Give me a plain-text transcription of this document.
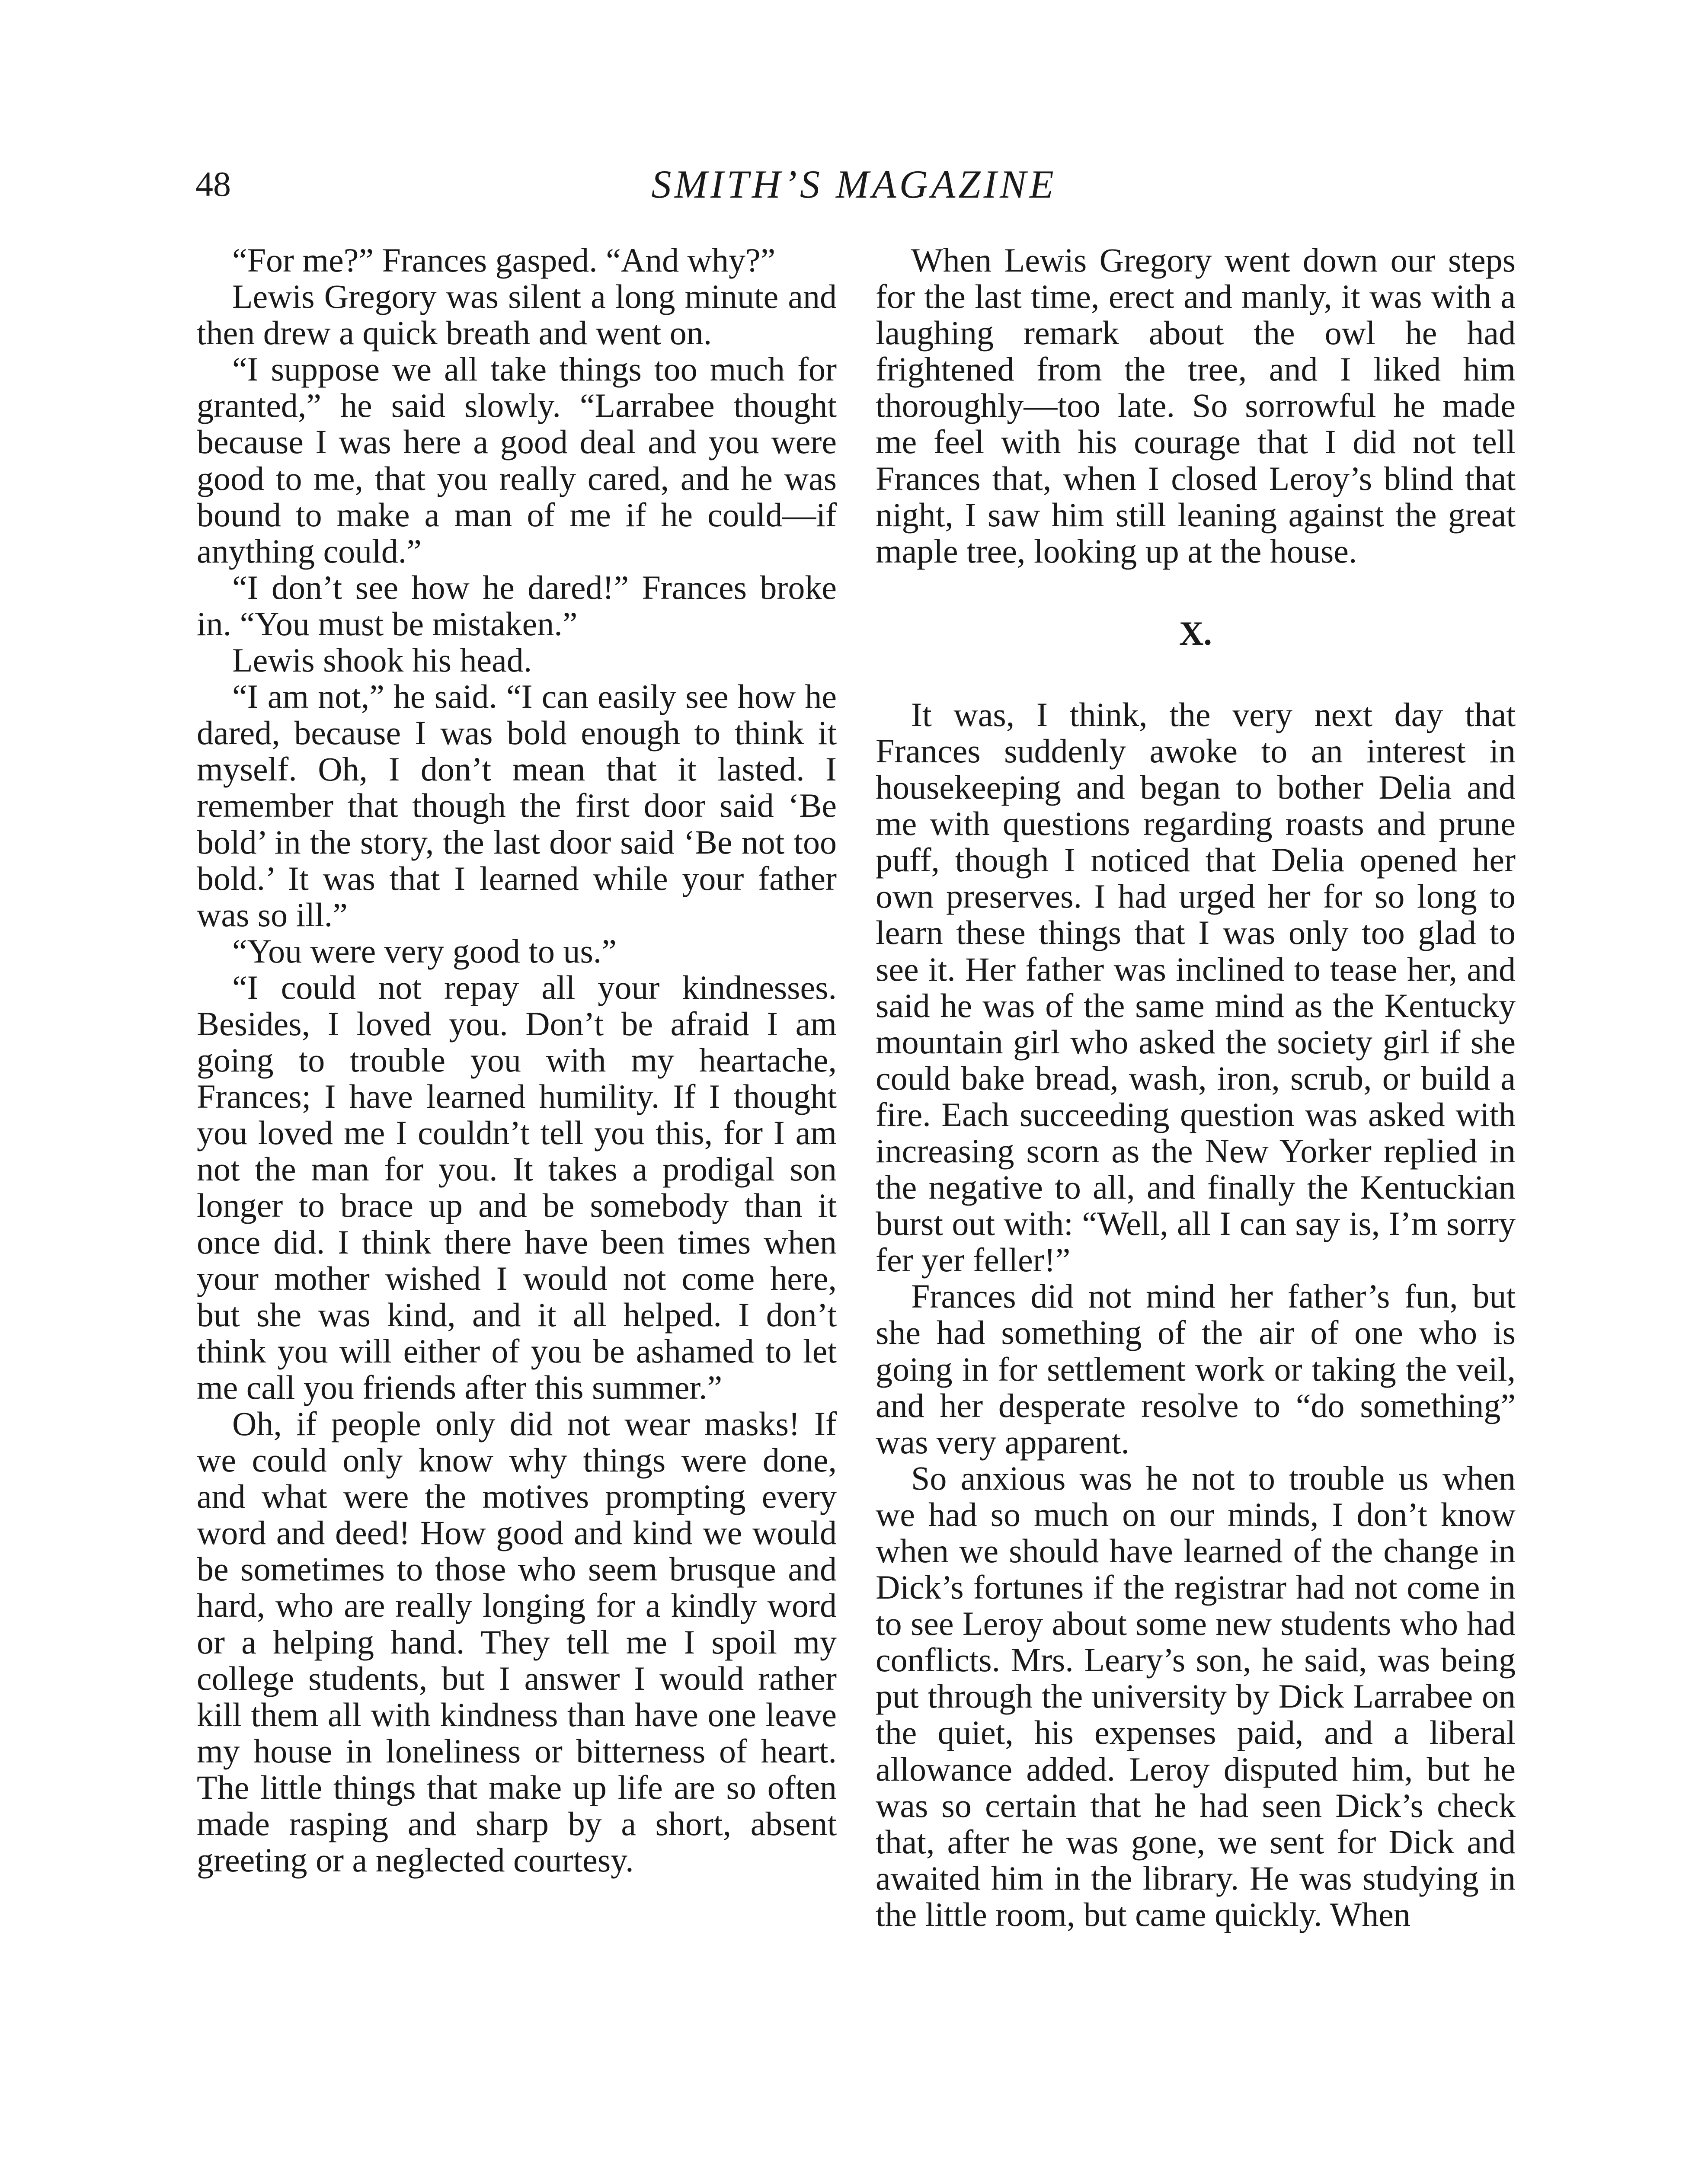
48	SMITH’S MAGAZINE

“For me?” Frances gasped. “And why?”

Lewis Gregory was silent a long minute and then drew a quick breath and went on.

“I suppose we all take things too much for granted,” he said slowly. “Larrabee thought because I was here a good deal and you were good to me, that you really cared, and he was bound to make a man of me if he could—if anything could.”

“I don’t see how he dared!” Frances broke in. “You must be mistaken.”

Lewis shook his head.

“I am not,” he said. “I can easily see how he dared, because I was bold enough to think it myself. Oh, I don’t mean that it lasted. I remember that though the first door said ‘Be bold’ in the story, the last door said ‘Be not too bold.’ It was that I learned while your father was so ill.”

“You were very good to us.”

“I could not repay all your kindnesses. Besides, I loved you. Don’t be afraid I am going to trouble you with my heartache, Frances; I have learned humility. If I thought you loved me I couldn’t tell you this, for I am not the man for you. It takes a prodigal son longer to brace up and be somebody than it once did. I think there have been times when your mother wished I would not come here, but she was kind, and it all helped. I don’t think you will either of you be ashamed to let me call you friends after this summer.”

Oh, if people only did not wear masks! If we could only know why things were done, and what were the motives prompting every word and deed! How good and kind we would be sometimes to those who seem brusque and hard, who are really longing for a kindly word or a helping hand. They tell me I spoil my college students, but I answer I would rather kill them all with kindness than have one leave my house in loneliness or bitterness of heart. The little things that make up life are so often made rasping and sharp by a short, absent greeting or a neglected courtesy.

When Lewis Gregory went down our steps for the last time, erect and manly, it was with a laughing remark about the owl he had frightened from the tree, and I liked him thoroughly—too late. So sorrowful he made me feel with his courage that I did not tell Frances that, when I closed Leroy’s blind that night, I saw him still leaning against the great maple tree, looking up at the house.

X.

It was, I think, the very next day that Frances suddenly awoke to an interest in housekeeping and began to bother Delia and me with questions regarding roasts and prune puff, though I noticed that Delia opened her own preserves. I had urged her for so long to learn these things that I was only too glad to see it. Her father was inclined to tease her, and said he was of the same mind as the Kentucky mountain girl who asked the society girl if she could bake bread, wash, iron, scrub, or build a fire. Each succeeding question was asked with increasing scorn as the New Yorker replied in the negative to all, and finally the Kentuckian burst out with: “Well, all I can say is, I’m sorry fer yer feller!”

Frances did not mind her father’s fun, but she had something of the air of one who is going in for settlement work or taking the veil, and her desperate resolve to “do something” was very apparent.

So anxious was he not to trouble us when we had so much on our minds, I don’t know when we should have learned of the change in Dick’s fortunes if the registrar had not come in to see Leroy about some new students who had conflicts. Mrs. Leary’s son, he said, was being put through the university by Dick Larrabee on the quiet, his expenses paid, and a liberal allowance added. Leroy disputed him, but he was so certain that he had seen Dick’s check that, after he was gone, we sent for Dick and awaited him in the library. He was studying in the little room, but came quickly. When
